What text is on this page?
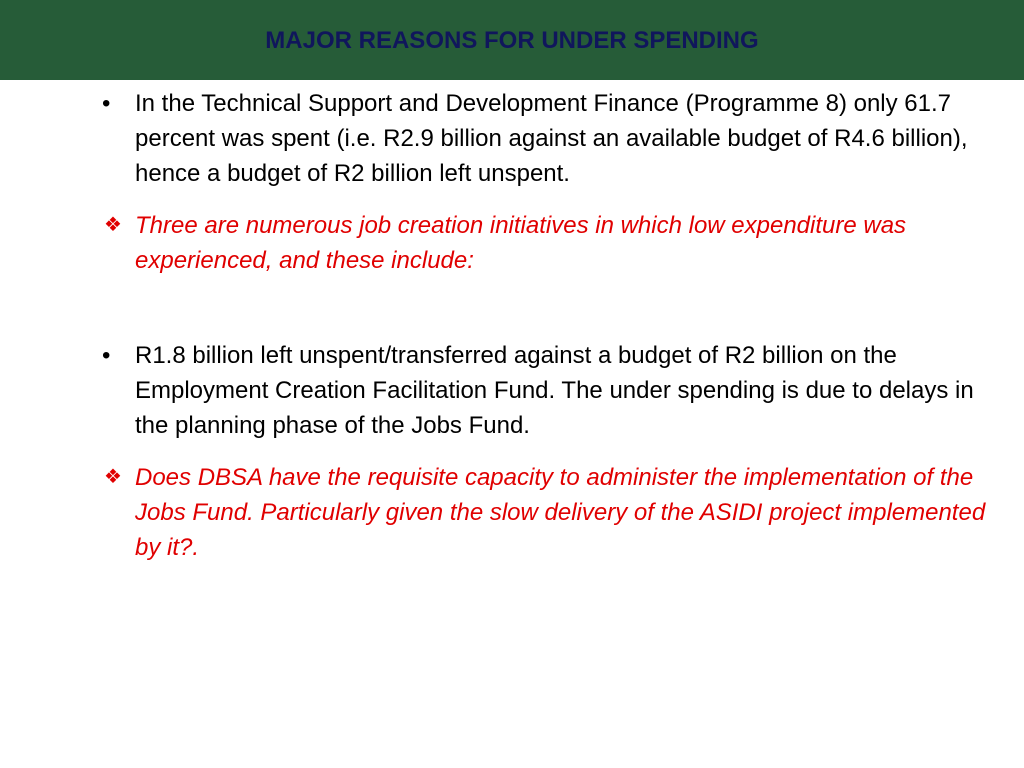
MAJOR REASONS FOR UNDER SPENDING
• In the Technical Support and Development Finance (Programme 8) only 61.7 percent was spent (i.e. R2.9 billion against an available budget of R4.6 billion), hence a budget of R2 billion left unspent.
❖ Three are numerous job creation initiatives in which low expenditure was experienced, and these include:
• R1.8 billion left unspent/transferred against a budget of R2 billion on the Employment Creation Facilitation Fund. The under spending is due to delays in the planning phase of the Jobs Fund.
❖ Does DBSA have the requisite capacity to administer the implementation of the Jobs Fund. Particularly given the slow delivery of the ASIDI project implemented by it?.
